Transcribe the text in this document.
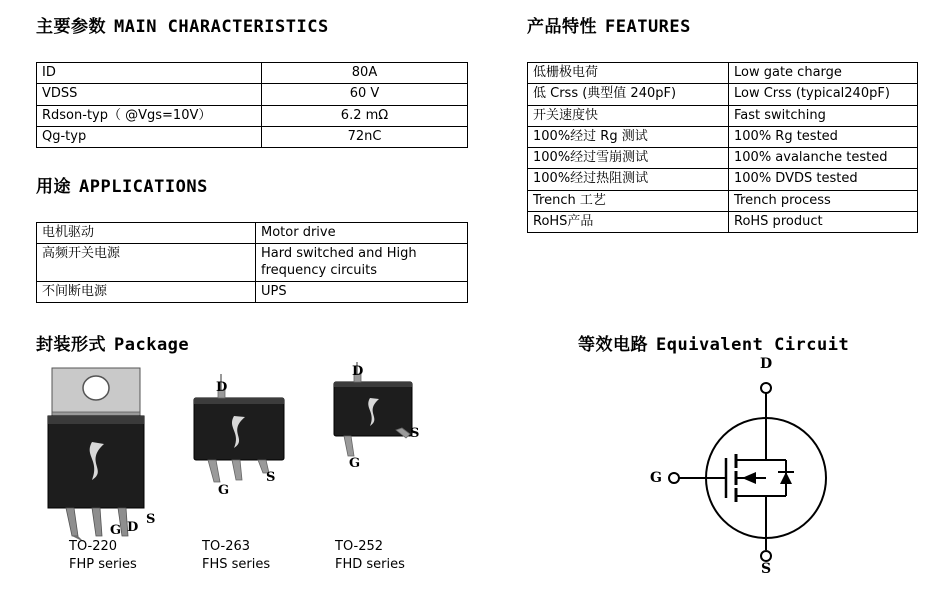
主要参数 MAIN CHARACTERISTICS
ID	80A
VDSS	60 V
Rdson-typ（ @Vgs=10V）	6.2 mΩ
Qg-typ	72nC
用途 APPLICATIONS
电机驱动	Motor drive
高频开关电源	Hard switched and High frequency circuits
不间断电源	UPS
产品特性 FEATURES
低栅极电荷	Low gate charge
低 Crss (典型值 240pF)	Low Crss (typical240pF)
开关速度快	Fast switching
100%经过 Rg 测试	100% Rg tested
100%经过雪崩测试	100% avalanche tested
100%经过热阻测试	100% DVDS tested
Trench 工艺	Trench process
RoHS产品	RoHS product
封装形式 Package
G D
S
D
G
S
D
G
S
TO-220
FHP series
TO-263
FHS series
TO-252
FHD series
等效电路 Equivalent Circuit
D
G
S
